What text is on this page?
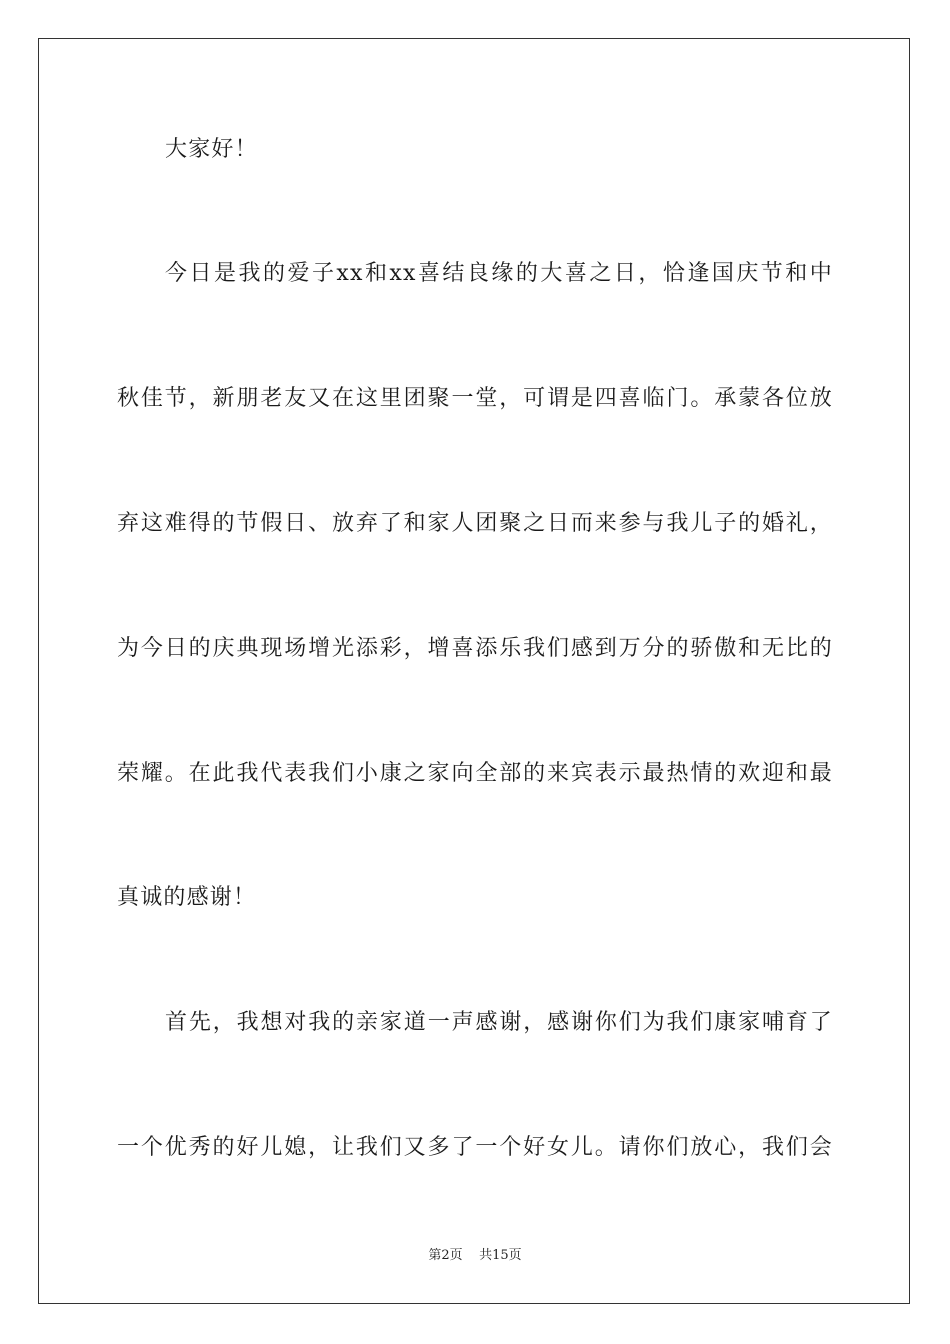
大家好！
今日是我的爱子xx和xx喜结良缘的大喜之日，恰逢国庆节和中
秋佳节，新朋老友又在这里团聚一堂，可谓是四喜临门。承蒙各位放
弃这难得的节假日、放弃了和家人团聚之日而来参与我儿子的婚礼，
为今日的庆典现场增光添彩，增喜添乐我们感到万分的骄傲和无比的
荣耀。在此我代表我们小康之家向全部的来宾表示最热情的欢迎和最
真诚的感谢！
首先，我想对我的亲家道一声感谢，感谢你们为我们康家哺育了
一个优秀的好儿媳，让我们又多了一个好女儿。请你们放心，我们会
第2页 共15页
